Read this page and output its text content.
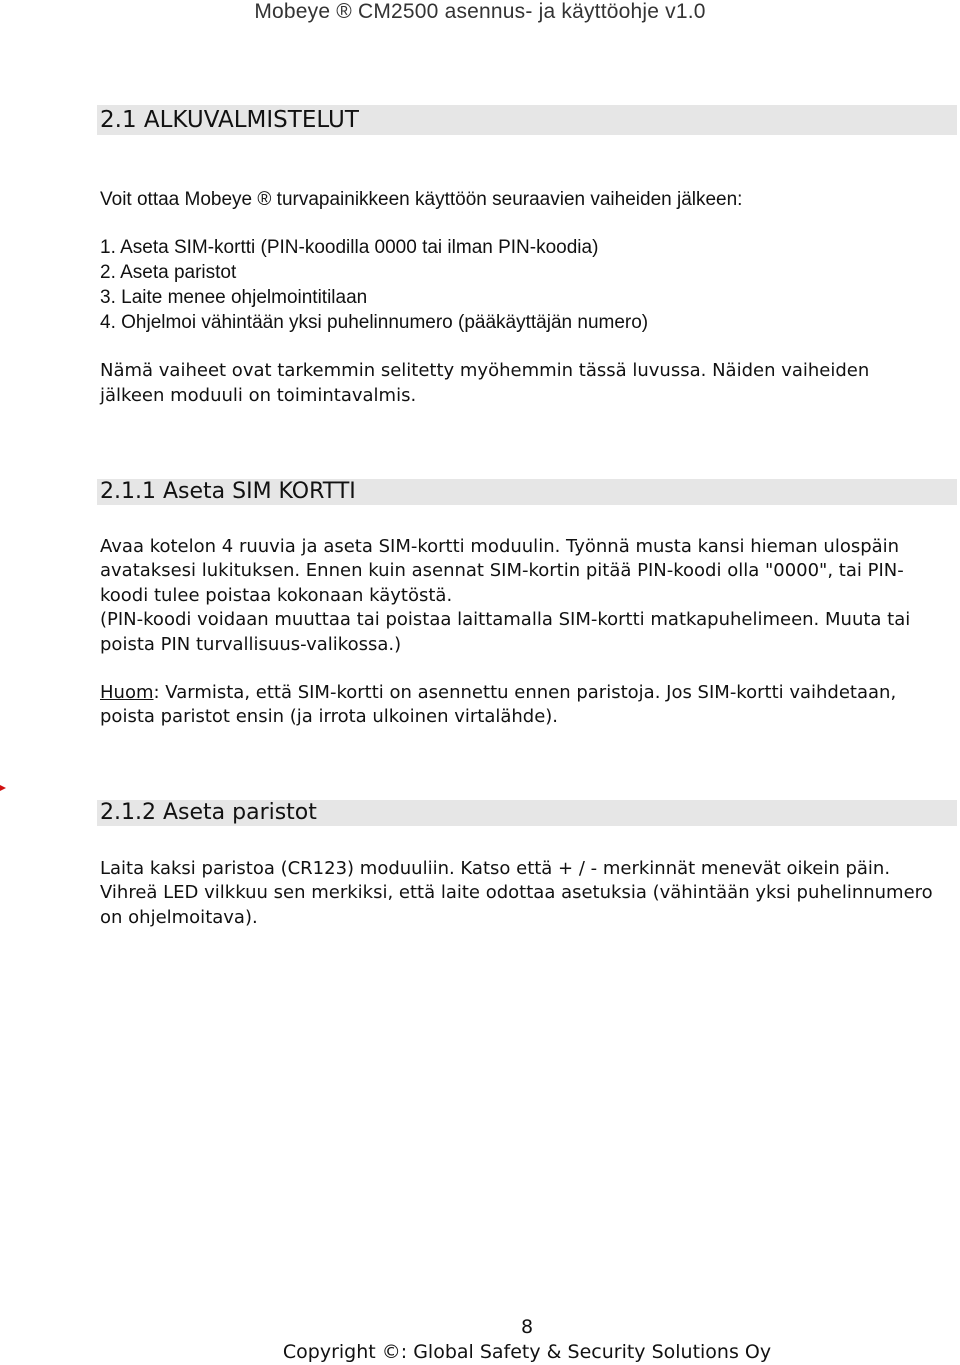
Mobeye ® CM2500 asennus- ja käyttöohje v1.0
2.1 ALKUVALMISTELUT
Voit ottaa Mobeye ® turvapainikkeen käyttöön seuraavien vaiheiden jälkeen:
1. Aseta SIM-kortti (PIN-koodilla 0000 tai ilman PIN-koodia)
2. Aseta paristot
3. Laite menee ohjelmointitilaan
4. Ohjelmoi vähintään yksi puhelinnumero (pääkäyttäjän numero)
Nämä vaiheet ovat tarkemmin selitetty myöhemmin tässä luvussa. Näiden vaiheiden
jälkeen moduuli on toimintavalmis.
2.1.1 Aseta SIM KORTTI
Avaa kotelon 4 ruuvia ja aseta SIM-kortti moduulin. Työnnä musta kansi hieman ulospäin
avataksesi lukituksen. Ennen kuin asennat SIM-kortin pitää PIN-koodi olla "0000", tai PIN-
koodi tulee poistaa kokonaan käytöstä.
(PIN-koodi voidaan muuttaa tai poistaa laittamalla SIM-kortti matkapuhelimeen. Muuta tai
poista PIN turvallisuus-valikossa.)
Huom: Varmista, että SIM-kortti on asennettu ennen paristoja. Jos SIM-kortti vaihdetaan,
poista paristot ensin (ja irrota ulkoinen virtalähde).
2.1.2 Aseta paristot
Laita kaksi paristoa (CR123) moduuliin. Katso että + / - merkinnät menevät oikein päin.
Vihreä LED vilkkuu sen merkiksi, että laite odottaa asetuksia (vähintään yksi puhelinnumero
on ohjelmoitava).
8
Copyright ©: Global Safety & Security Solutions Oy
